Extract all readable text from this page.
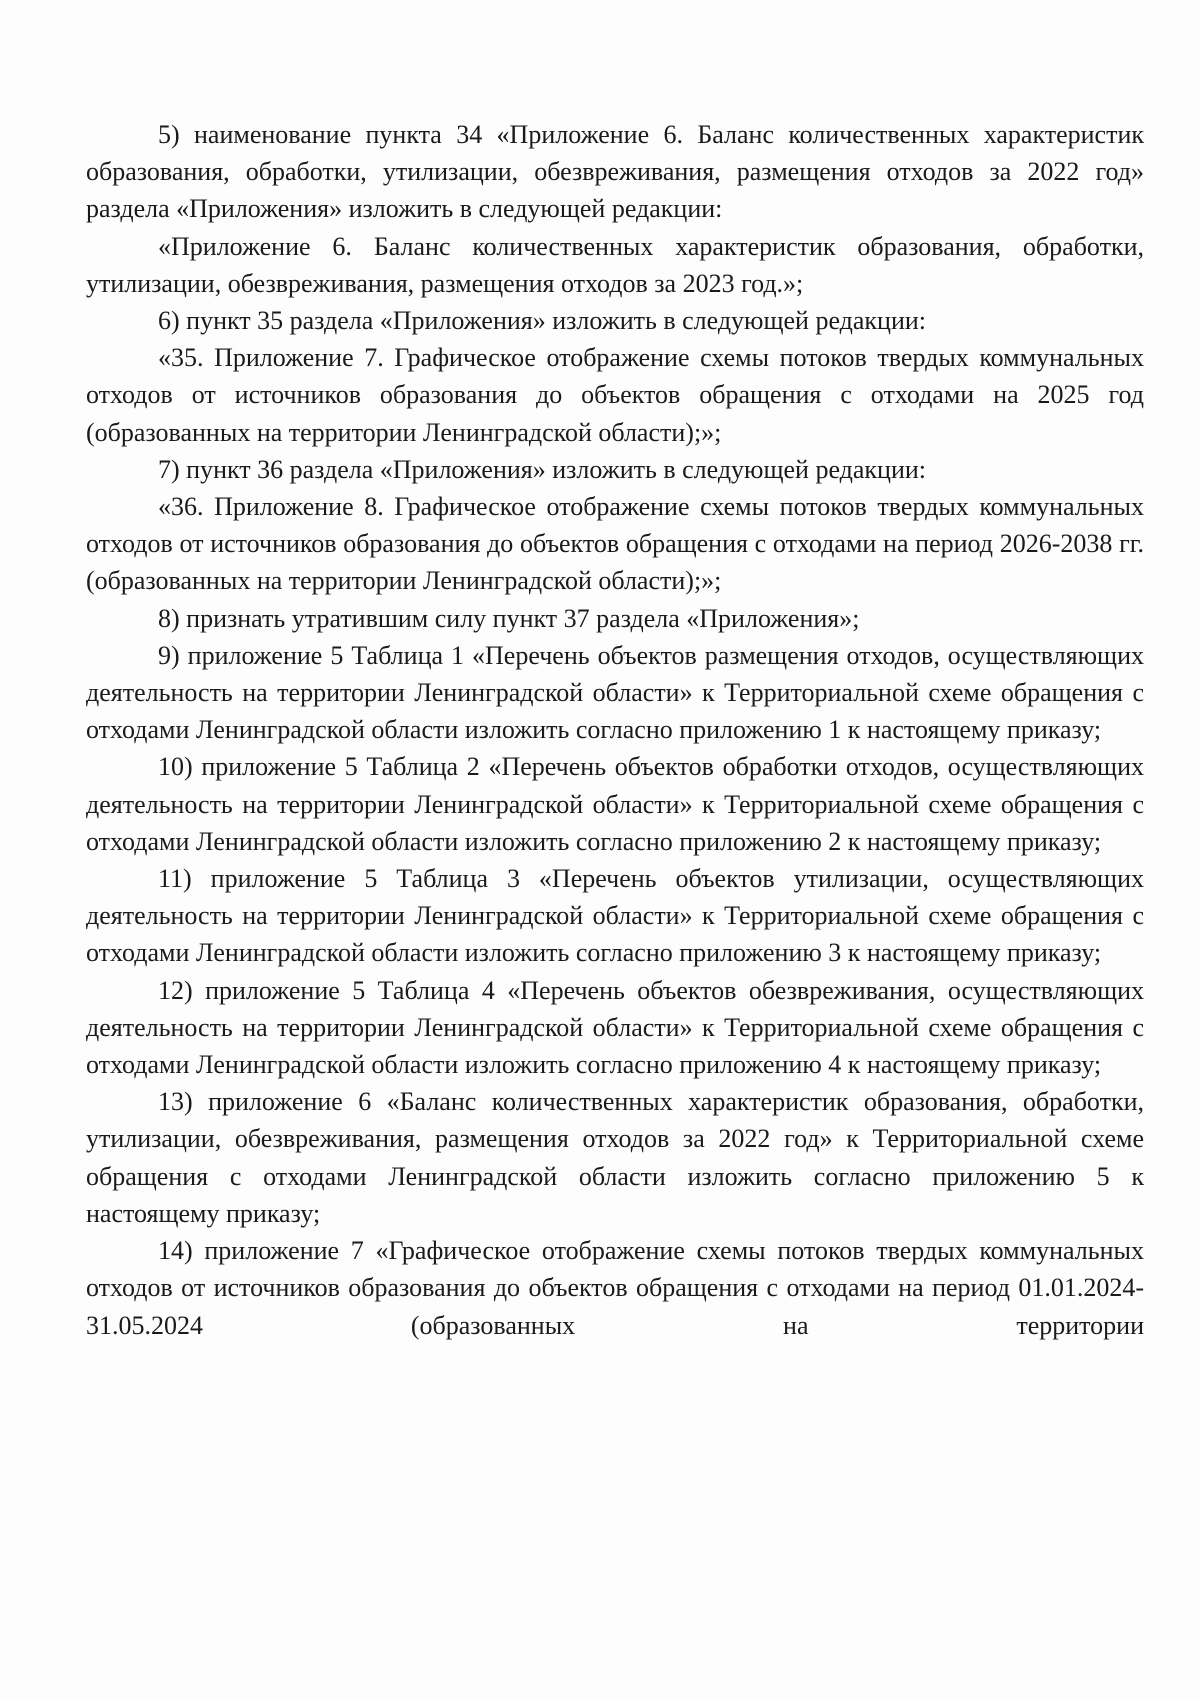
5) наименование пункта 34 «Приложение 6. Баланс количественных характеристик образования, обработки, утилизации, обезвреживания, размещения отходов за 2022 год» раздела «Приложения» изложить в следующей редакции:

«Приложение 6. Баланс количественных характеристик образования, обработки, утилизации, обезвреживания, размещения отходов за 2023 год.»;

6) пункт 35 раздела «Приложения» изложить в следующей редакции:

«35. Приложение 7. Графическое отображение схемы потоков твердых коммунальных отходов от источников образования до объектов обращения с отходами на 2025 год (образованных на территории Ленинградской области);»;

7) пункт 36 раздела «Приложения» изложить в следующей редакции:

«36. Приложение 8. Графическое отображение схемы потоков твердых коммунальных отходов от источников образования до объектов обращения с отходами на период 2026-2038 гг. (образованных на территории Ленинградской области);»;

8) признать утратившим силу пункт 37 раздела «Приложения»;

9) приложение 5 Таблица 1 «Перечень объектов размещения отходов, осуществляющих деятельность на территории Ленинградской области» к Территориальной схеме обращения с отходами Ленинградской области изложить согласно приложению 1 к настоящему приказу;

10) приложение 5 Таблица 2 «Перечень объектов обработки отходов, осуществляющих деятельность на территории Ленинградской области» к Территориальной схеме обращения с отходами Ленинградской области изложить согласно приложению 2 к настоящему приказу;

11) приложение 5 Таблица 3 «Перечень объектов утилизации, осуществляющих деятельность на территории Ленинградской области» к Территориальной схеме обращения с отходами Ленинградской области изложить согласно приложению 3 к настоящему приказу;

12) приложение 5 Таблица 4 «Перечень объектов обезвреживания, осуществляющих деятельность на территории Ленинградской области» к Территориальной схеме обращения с отходами Ленинградской области изложить согласно приложению 4 к настоящему приказу;

13) приложение 6 «Баланс количественных характеристик образования, обработки, утилизации, обезвреживания, размещения отходов за 2022 год» к Территориальной схеме обращения с отходами Ленинградской области изложить согласно приложению 5 к настоящему приказу;

14) приложение 7 «Графическое отображение схемы потоков твердых коммунальных отходов от источников образования до объектов обращения с отходами на период 01.01.2024-31.05.2024 (образованных на территории
